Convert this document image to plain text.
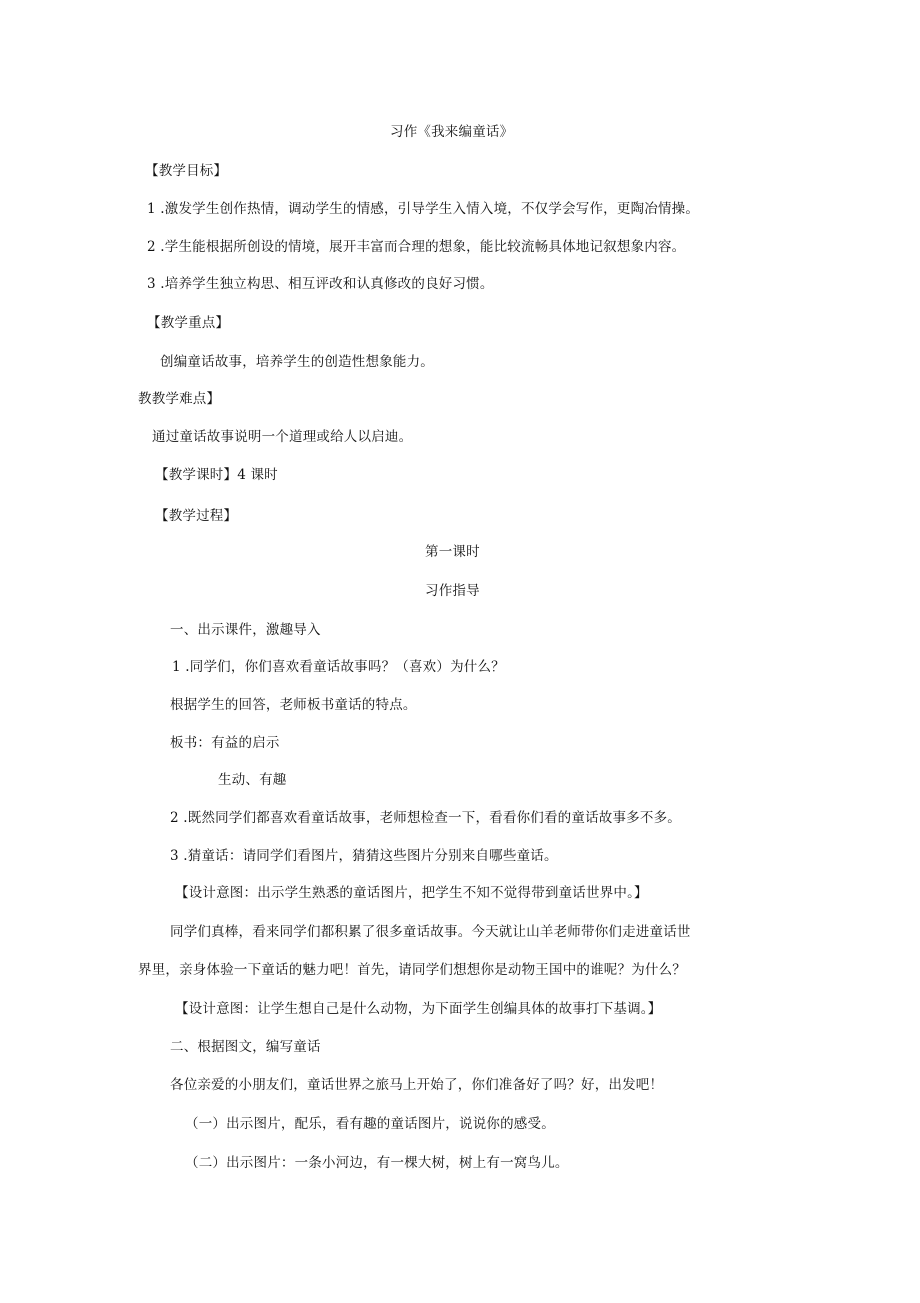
习作《我来编童话》
【教学目标】
1 .激发学生创作热情，调动学生的情感，引导学生入情入境，不仅学会写作，更陶冶情操。
2 .学生能根据所创设的情境，展开丰富而合理的想象，能比较流畅具体地记叙想象内容。
3 .培养学生独立构思、相互评改和认真修改的良好习惯。
【教学重点】
创编童话故事，培养学生的创造性想象能力。
教教学难点】
通过童话故事说明一个道理或给人以启迪。
【教学课时】4 课时
【教学过程】
第一课时
习作指导
一、出示课件，激趣导入
1 .同学们，你们喜欢看童话故事吗？（喜欢）为什么？
根据学生的回答，老师板书童话的特点。
板书：有益的启示
生动、有趣
2 .既然同学们都喜欢看童话故事，老师想检查一下，看看你们看的童话故事多不多。
3 .猜童话：请同学们看图片，猜猜这些图片分别来自哪些童话。
【设计意图：出示学生熟悉的童话图片，把学生不知不觉得带到童话世界中。】
同学们真棒，看来同学们都积累了很多童话故事。今天就让山羊老师带你们走进童话世
界里，亲身体验一下童话的魅力吧！首先，请同学们想想你是动物王国中的谁呢？为什么？
【设计意图：让学生想自己是什么动物，为下面学生创编具体的故事打下基调。】
二、根据图文，编写童话
各位亲爱的小朋友们，童话世界之旅马上开始了，你们准备好了吗？好，出发吧！
（一）出示图片，配乐，看有趣的童话图片，说说你的感受。
（二）出示图片：一条小河边，有一棵大树，树上有一窝鸟儿。
